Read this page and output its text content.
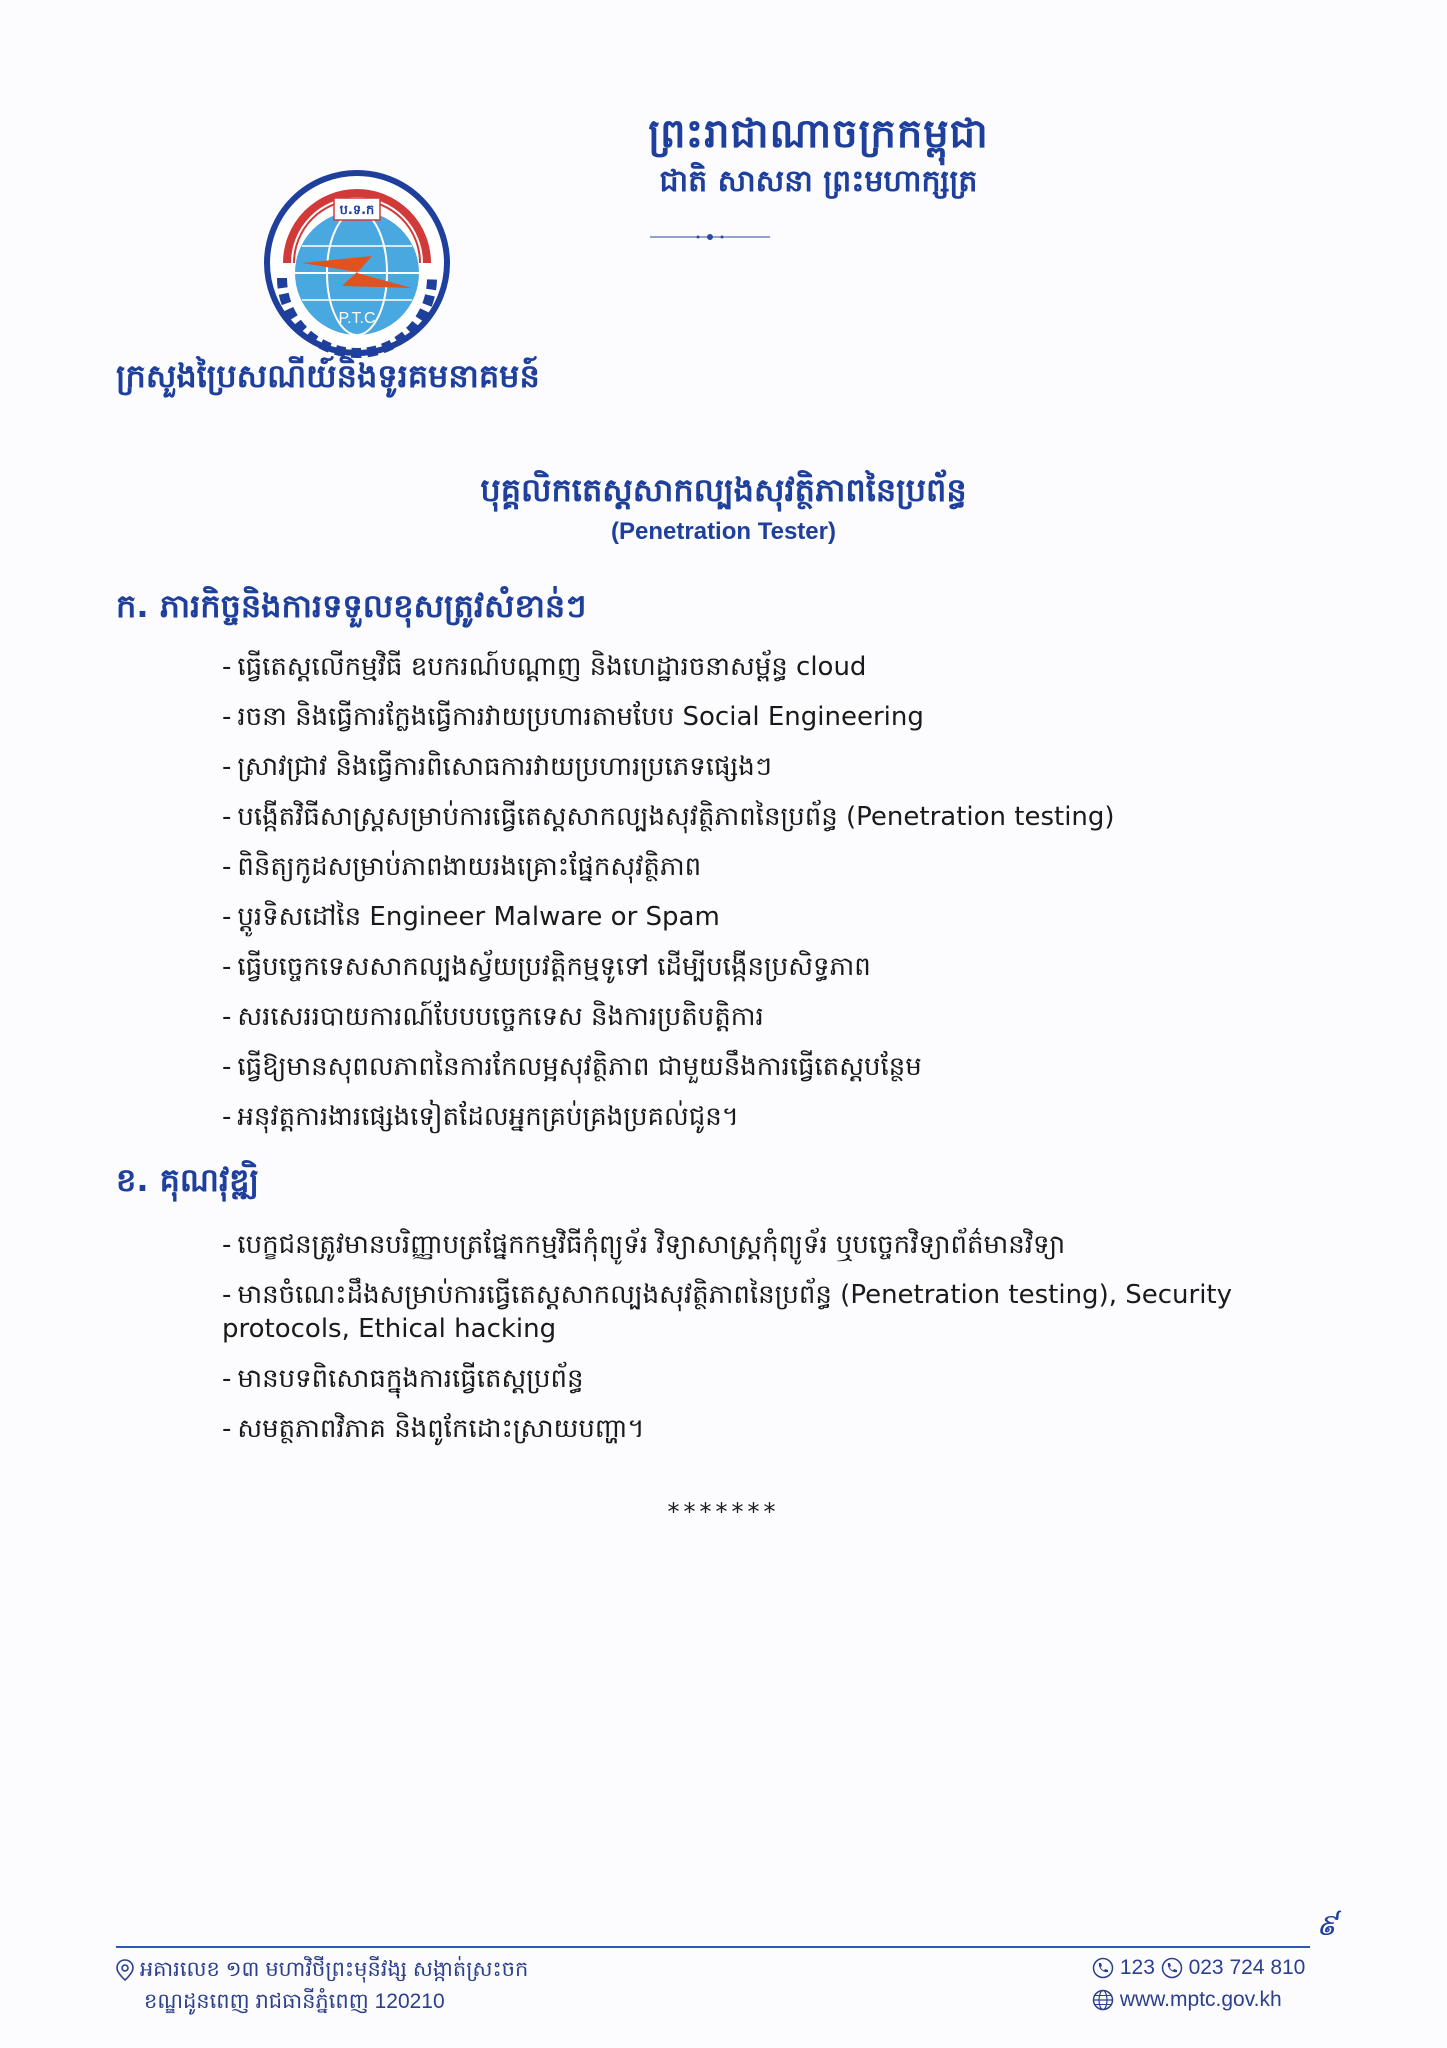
ព្រះរាជាណាចក្រកម្ពុជា
ជាតិ សាសនា ព្រះមហាក្សត្រ
ប.ទ.ក
P.T.C
ក្រសួងប្រៃសណីយ៍និងទូរគមនាគមន៍
បុគ្គលិកតេស្តសាកល្បងសុវត្ថិភាពនៃប្រព័ន្ធ
(Penetration Tester)
ក. ភារកិច្ចនិងការទទួលខុសត្រូវសំខាន់ៗ
- ធ្វើតេស្តលើកម្មវិធី ឧបករណ៍បណ្តាញ និងហេដ្ឋារចនាសម្ព័ន្ធ cloud
- រចនា និងធ្វើការក្លែងធ្វើការវាយប្រហារតាមបែប Social Engineering
- ស្រាវជ្រាវ និងធ្វើការពិសោធការវាយប្រហារប្រភេទផ្សេងៗ
- បង្កើតវិធីសាស្រ្តសម្រាប់ការធ្វើតេស្តសាកល្បងសុវត្ថិភាពនៃប្រព័ន្ធ (Penetration testing)
- ពិនិត្យកូដសម្រាប់ភាពងាយរងគ្រោះផ្នែកសុវត្ថិភាព
- ប្តូរទិសដៅនៃ Engineer Malware or Spam
- ធ្វើបច្ចេកទេសសាកល្បងស្វ័យប្រវត្តិកម្មទូទៅ ដើម្បីបង្កើនប្រសិទ្ធភាព
- សរសេររបាយការណ៍បែបបច្ចេកទេស និងការប្រតិបត្តិការ
- ធ្វើឱ្យមានសុពលភាពនៃការកែលម្អសុវត្ថិភាព ជាមួយនឹងការធ្វើតេស្តបន្ថែម
- អនុវត្តការងារផ្សេងទៀតដែលអ្នកគ្រប់គ្រងប្រគល់ជូន។
ខ. គុណវុឌ្ឍិ
- បេក្ខជនត្រូវមានបរិញ្ញាបត្រផ្នែកកម្មវិធីកុំព្យូទ័រ វិទ្យាសាស្រ្តកុំព្យូទ័រ ឬបច្ចេកវិទ្យាព័ត៌មានវិទ្យា
- មានចំណេះដឹងសម្រាប់ការធ្វើតេស្តសាកល្បងសុវត្ថិភាពនៃប្រព័ន្ធ (Penetration testing), Security protocols, Ethical hacking
- មានបទពិសោធក្នុងការធ្វើតេស្តប្រព័ន្ធ
- សមត្ថភាពវិភាគ និងពូកែដោះស្រាយបញ្ហា។
*******
៩
អគារលេខ ១៣ មហាវិថីព្រះមុនីវង្ស សង្កាត់ស្រះចក
ខណ្ឌដូនពេញ រាជធានីភ្នំពេញ 120210
123 023 724 810
www.mptc.gov.kh
